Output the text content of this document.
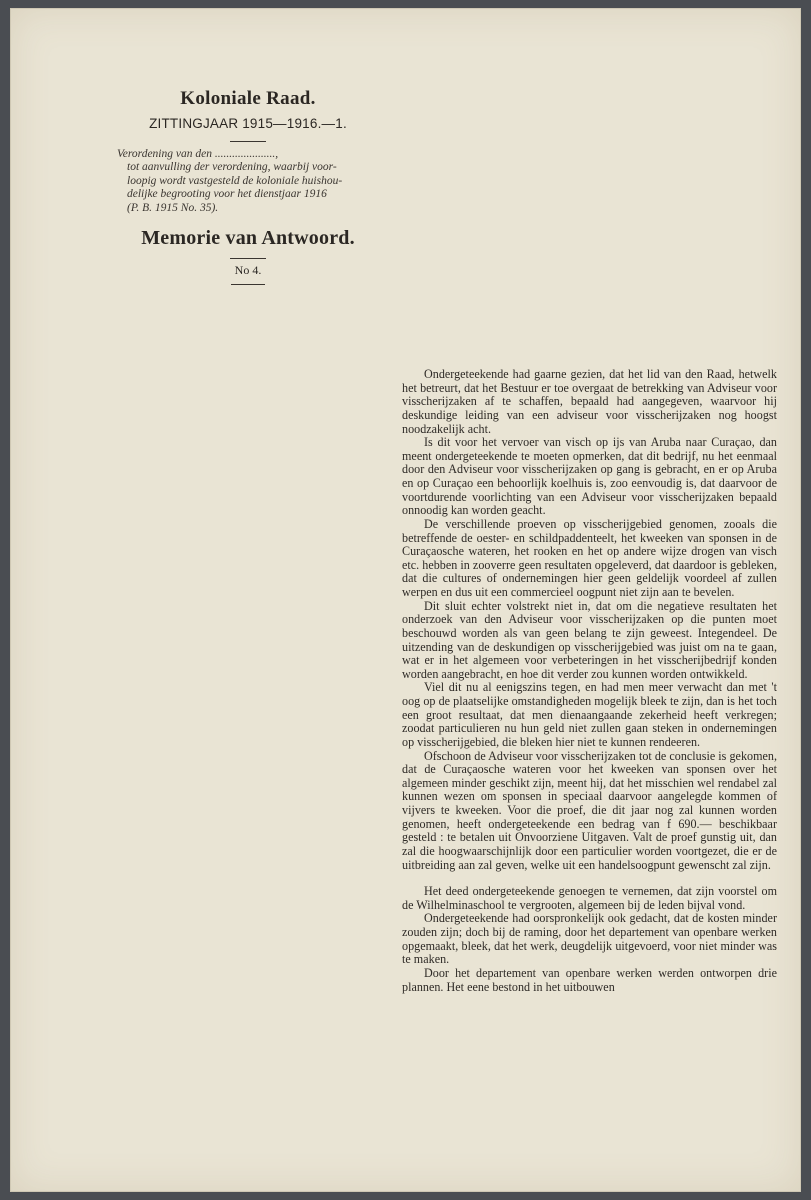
Koloniale Raad.
ZITTINGJAAR 1915—1916.—1.
Verordening van den .....................,
tot aanvulling der verordening, waarbij voor-
loopig wordt vastgesteld de koloniale huishou-
delijke begrooting voor het dienstjaar 1916
(P. B. 1915 No. 35).
Memorie van Antwoord.
No 4.

Ondergeteekende had gaarne gezien, dat het lid van den Raad, hetwelk het betreurt, dat het Bestuur er toe overgaat de betrekking van Adviseur voor visscherijzaken af te schaffen, bepaald had aangegeven, waarvoor hij deskundige leiding van een adviseur voor visscherijzaken nog hoogst noodzakelijk acht.

Is dit voor het vervoer van visch op ijs van Aruba naar Curaçao, dan meent ondergeteekende te moeten opmerken, dat dit bedrijf, nu het eenmaal door den Adviseur voor visscherijzaken op gang is gebracht, en er op Aruba en op Curaçao een behoorlijk koelhuis is, zoo eenvoudig is, dat daarvoor de voortdurende voorlichting van een Adviseur voor visscherijzaken bepaald onnoodig kan worden geacht.

De verschillende proeven op visscherijgebied genomen, zooals die betreffende de oester- en schildpaddenteelt, het kweeken van sponsen in de Curaçaosche wateren, het rooken en het op andere wijze drogen van visch etc. hebben in zooverre geen resultaten opgeleverd, dat daardoor is gebleken, dat die cultures of ondernemingen hier geen geldelijk voordeel af zullen werpen en dus uit een commercieel oogpunt niet zijn aan te bevelen.

Dit sluit echter volstrekt niet in, dat om die negatieve resultaten het onderzoek van den Adviseur voor visscherijzaken op die punten moet beschouwd worden als van geen belang te zijn geweest. Integendeel. De uitzending van de deskundigen op visscherijgebied was juist om na te gaan, wat er in het algemeen voor verbeteringen in het visscherijbedrijf konden worden aangebracht, en hoe dit verder zou kunnen worden ontwikkeld.

Viel dit nu al eenigszins tegen, en had men meer verwacht dan met 't oog op de plaatselijke omstandigheden mogelijk bleek te zijn, dan is het toch een groot resultaat, dat men dienaangaande zekerheid heeft verkregen; zoodat particulieren nu hun geld niet zullen gaan steken in ondernemingen op visscherijgebied, die bleken hier niet te kunnen rendeeren.

Ofschoon de Adviseur voor visscherijzaken tot de conclusie is gekomen, dat de Curaçaosche wateren voor het kweeken van sponsen over het algemeen minder geschikt zijn, meent hij, dat het misschien wel rendabel zal kunnen wezen om sponsen in speciaal daarvoor aangelegde kommen of vijvers te kweeken. Voor die proef, die dit jaar nog zal kunnen worden genomen, heeft ondergeteekende een bedrag van f 690.— beschikbaar gesteld : te betalen uit Onvoorziene Uitgaven. Valt de proef gunstig uit, dan zal die hoogwaarschijnlijk door een particulier worden voortgezet, die er de uitbreiding aan zal geven, welke uit een handelsoogpunt gewenscht zal zijn.

Het deed ondergeteekende genoegen te vernemen, dat zijn voorstel om de Wilhelminaschool te vergrooten, algemeen bij de leden bijval vond.

Ondergeteekende had oorspronkelijk ook gedacht, dat de kosten minder zouden zijn; doch bij de raming, door het departement van openbare werken opgemaakt, bleek, dat het werk, deugdelijk uitgevoerd, voor niet minder was te maken.

Door het departement van openbare werken werden ontworpen drie plannen. Het eene bestond in het uitbouwen
